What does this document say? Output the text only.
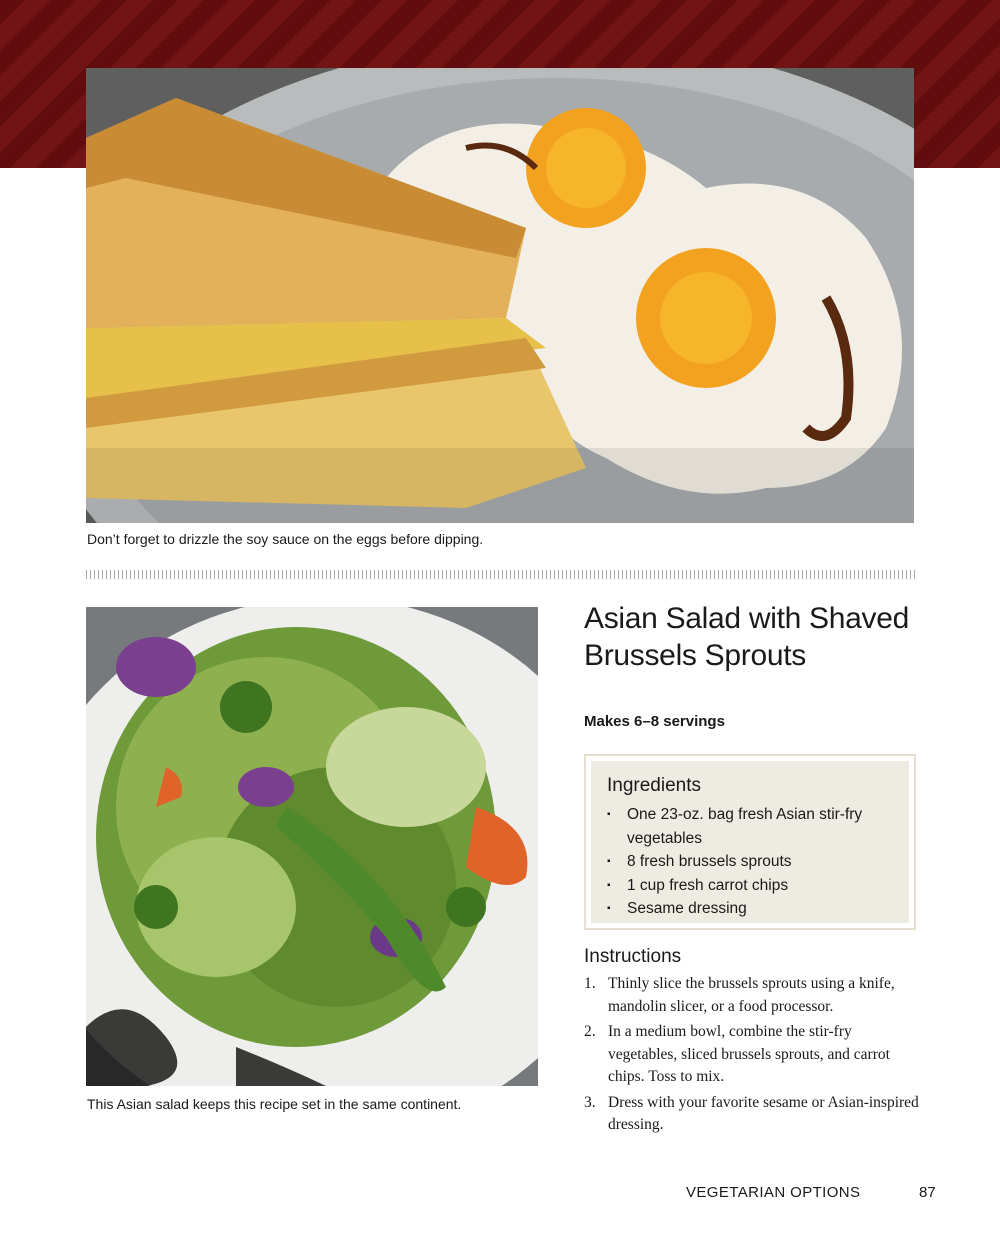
Don’t forget to drizzle the soy sauce on the eggs before dipping.

This Asian salad keeps this recipe set in the same continent.

Asian Salad with Shaved Brussels Sprouts

Makes 6–8 servings

Ingredients
▪ One 23-oz. bag fresh Asian stir-fry vegetables
▪ 8 fresh brussels sprouts
▪ 1 cup fresh carrot chips
▪ Sesame dressing
Instructions
1. Thinly slice the brussels sprouts using a knife, mandolin slicer, or a food processor.
2. In a medium bowl, combine the stir-fry vegetables, sliced brussels sprouts, and carrot chips. Toss to mix.
3. Dress with your favorite sesame or Asian-inspired dressing.

VEGETARIAN OPTIONS	87
